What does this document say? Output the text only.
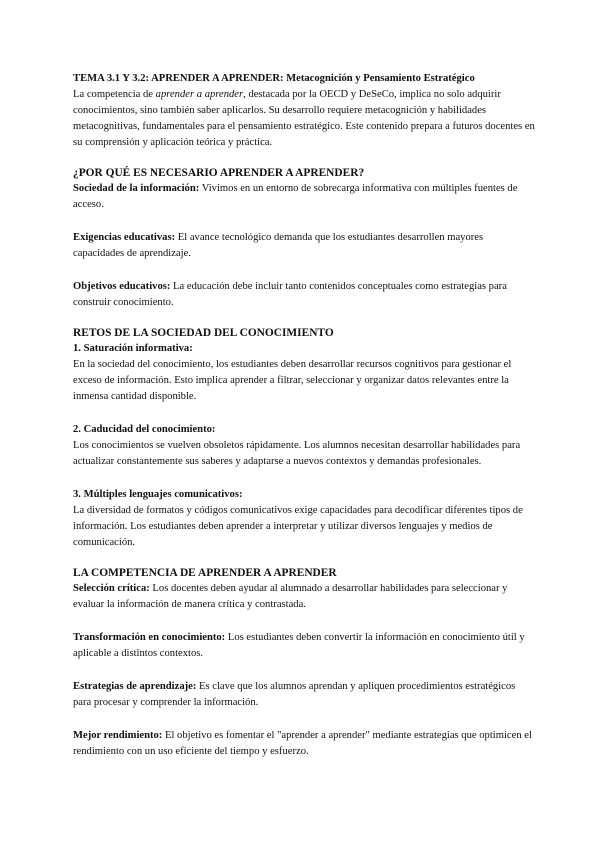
TEMA 3.1 Y 3.2: APRENDER A APRENDER: Metacognición y Pensamiento Estratégico

La competencia de aprender a aprender, destacada por la OECD y DeSeCo, implica no solo adquirir conocimientos, sino también saber aplicarlos. Su desarrollo requiere metacognición y habilidades metacognitivas, fundamentales para el pensamiento estratégico. Este contenido prepara a futuros docentes en su comprensión y aplicación teórica y práctica.

¿POR QUÉ ES NECESARIO APRENDER A APRENDER?

Sociedad de la información: Vivimos en un entorno de sobrecarga informativa con múltiples fuentes de acceso.

Exigencias educativas: El avance tecnológico demanda que los estudiantes desarrollen mayores capacidades de aprendizaje.

Objetivos educativos: La educación debe incluir tanto contenidos conceptuales como estrategias para construir conocimiento.

RETOS DE LA SOCIEDAD DEL CONOCIMIENTO

1. Saturación informativa:

En la sociedad del conocimiento, los estudiantes deben desarrollar recursos cognitivos para gestionar el exceso de información. Esto implica aprender a filtrar, seleccionar y organizar datos relevantes entre la inmensa cantidad disponible.

2. Caducidad del conocimiento:

Los conocimientos se vuelven obsoletos rápidamente. Los alumnos necesitan desarrollar habilidades para actualizar constantemente sus saberes y adaptarse a nuevos contextos y demandas profesionales.

3. Múltiples lenguajes comunicativos:

La diversidad de formatos y códigos comunicativos exige capacidades para decodificar diferentes tipos de información. Los estudiantes deben aprender a interpretar y utilizar diversos lenguajes y medios de comunicación.

LA COMPETENCIA DE APRENDER A APRENDER

Selección crítica: Los docentes deben ayudar al alumnado a desarrollar habilidades para seleccionar y evaluar la información de manera crítica y contrastada.

Transformación en conocimiento: Los estudiantes deben convertir la información en conocimiento útil y aplicable a distintos contextos.

Estrategias de aprendizaje: Es clave que los alumnos aprendan y apliquen procedimientos estratégicos para procesar y comprender la información.

Mejor rendimiento: El objetivo es fomentar el "aprender a aprender" mediante estrategias que optimicen el rendimiento con un uso eficiente del tiempo y esfuerzo.
